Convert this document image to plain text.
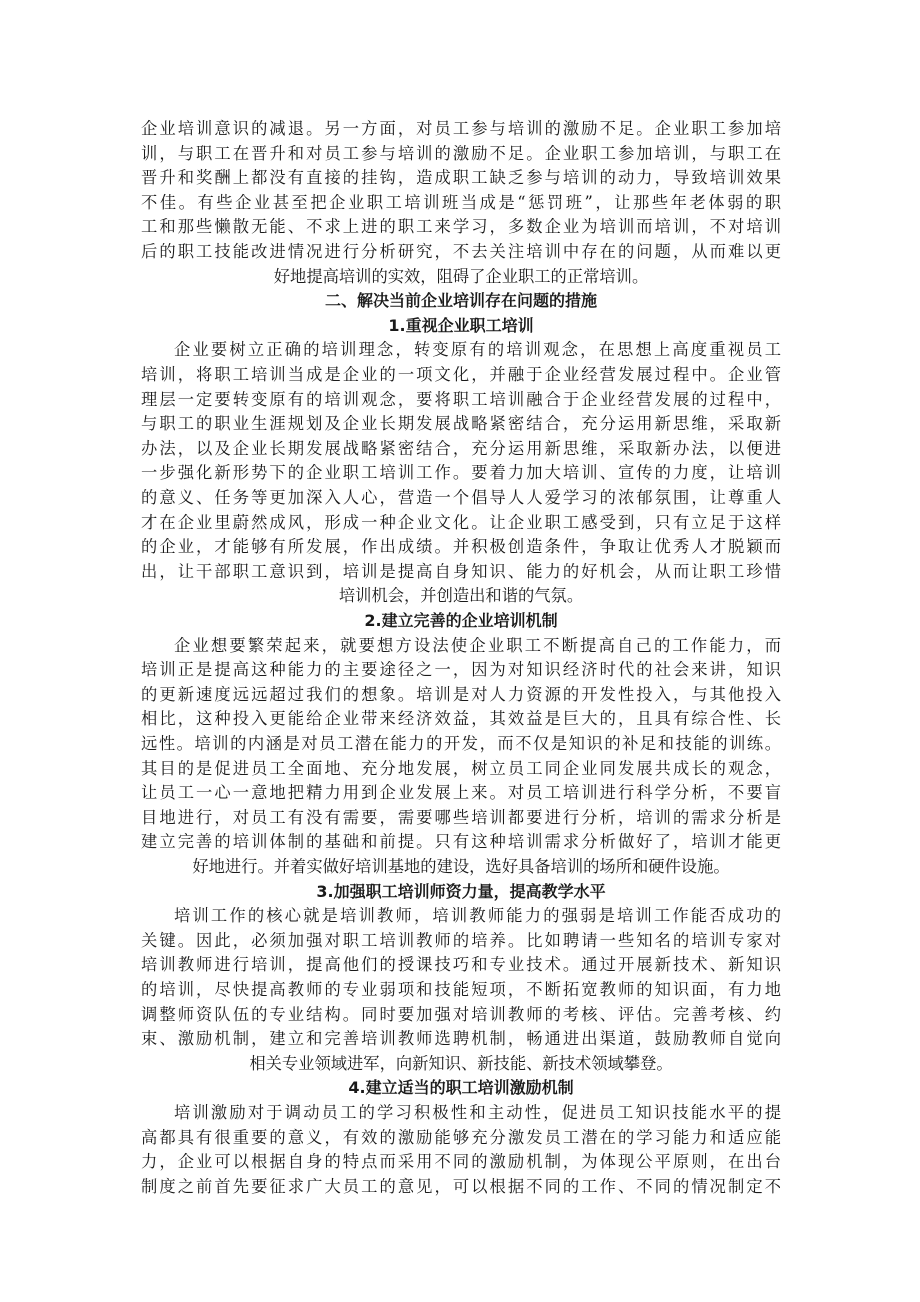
企业培训意识的减退。另一方面，对员工参与培训的激励不足。企业职工参加培
训，与职工在晋升和对员工参与培训的激励不足。企业职工参加培训，与职工在
晋升和奖酬上都没有直接的挂钩，造成职工缺乏参与培训的动力，导致培训效果
不佳。有些企业甚至把企业职工培训班当成是“惩罚班”，让那些年老体弱的职
工和那些懒散无能、不求上进的职工来学习，多数企业为培训而培训，不对培训
后的职工技能改进情况进行分析研究，不去关注培训中存在的问题，从而难以更
好地提高培训的实效，阻碍了企业职工的正常培训。
二、解决当前企业培训存在问题的措施
1.重视企业职工培训
企业要树立正确的培训理念，转变原有的培训观念，在思想上高度重视员工
培训，将职工培训当成是企业的一项文化，并融于企业经营发展过程中。企业管
理层一定要转变原有的培训观念，要将职工培训融合于企业经营发展的过程中，
与职工的职业生涯规划及企业长期发展战略紧密结合，充分运用新思维，采取新
办法，以及企业长期发展战略紧密结合，充分运用新思维，采取新办法，以便进
一步强化新形势下的企业职工培训工作。要着力加大培训、宣传的力度，让培训
的意义、任务等更加深入人心，营造一个倡导人人爱学习的浓郁氛围，让尊重人
才在企业里蔚然成风，形成一种企业文化。让企业职工感受到，只有立足于这样
的企业，才能够有所发展，作出成绩。并积极创造条件，争取让优秀人才脱颖而
出，让干部职工意识到，培训是提高自身知识、能力的好机会，从而让职工珍惜
培训机会，并创造出和谐的气氛。
2.建立完善的企业培训机制
企业想要繁荣起来，就要想方设法使企业职工不断提高自己的工作能力，而
培训正是提高这种能力的主要途径之一，因为对知识经济时代的社会来讲，知识
的更新速度远远超过我们的想象。培训是对人力资源的开发性投入，与其他投入
相比，这种投入更能给企业带来经济效益，其效益是巨大的，且具有综合性、长
远性。培训的内涵是对员工潜在能力的开发，而不仅是知识的补足和技能的训练。
其目的是促进员工全面地、充分地发展，树立员工同企业同发展共成长的观念，
让员工一心一意地把精力用到企业发展上来。对员工培训进行科学分析，不要盲
目地进行，对员工有没有需要，需要哪些培训都要进行分析，培训的需求分析是
建立完善的培训体制的基础和前提。只有这种培训需求分析做好了，培训才能更
好地进行。并着实做好培训基地的建设，选好具备培训的场所和硬件设施。
3.加强职工培训师资力量，提高教学水平
培训工作的核心就是培训教师，培训教师能力的强弱是培训工作能否成功的
关键。因此，必须加强对职工培训教师的培养。比如聘请一些知名的培训专家对
培训教师进行培训，提高他们的授课技巧和专业技术。通过开展新技术、新知识
的培训，尽快提高教师的专业弱项和技能短项，不断拓宽教师的知识面，有力地
调整师资队伍的专业结构。同时要加强对培训教师的考核、评估。完善考核、约
束、激励机制，建立和完善培训教师选聘机制，畅通进出渠道，鼓励教师自觉向
相关专业领域进军，向新知识、新技能、新技术领域攀登。
4.建立适当的职工培训激励机制
培训激励对于调动员工的学习积极性和主动性，促进员工知识技能水平的提
高都具有很重要的意义，有效的激励能够充分激发员工潜在的学习能力和适应能
力，企业可以根据自身的特点而采用不同的激励机制，为体现公平原则，在出台
制度之前首先要征求广大员工的意见，可以根据不同的工作、不同的情况制定不
